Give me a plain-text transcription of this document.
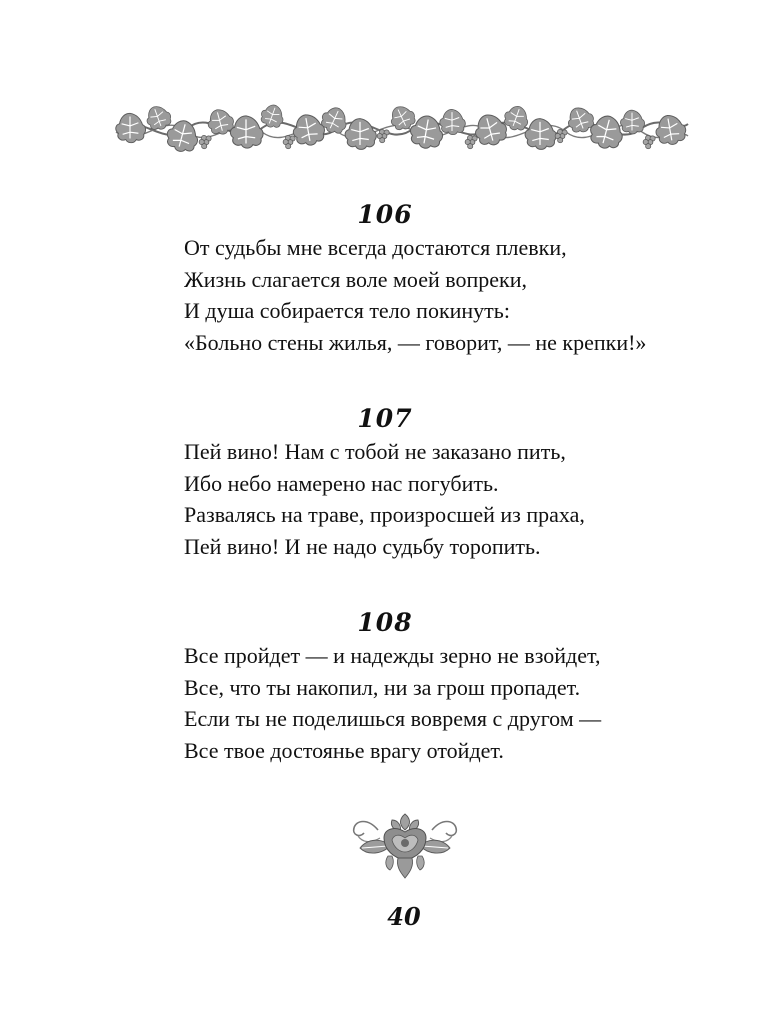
106
От судьбы мне всегда достаются плевки,
Жизнь слагается воле моей вопреки,
И душа собирается тело покинуть:
«Больно стены жилья, — говорит, — не крепки!»
107
Пей вино! Нам с тобой не заказано пить,
Ибо небо намерено нас погубить.
Развалясь на траве, произросшей из праха,
Пей вино! И не надо судьбу торопить.
108
Все пройдет — и надежды зерно не взойдет,
Все, что ты накопил, ни за грош пропадет.
Если ты не поделишься вовремя с другом —
Все твое достоянье врагу отойдет.
40
